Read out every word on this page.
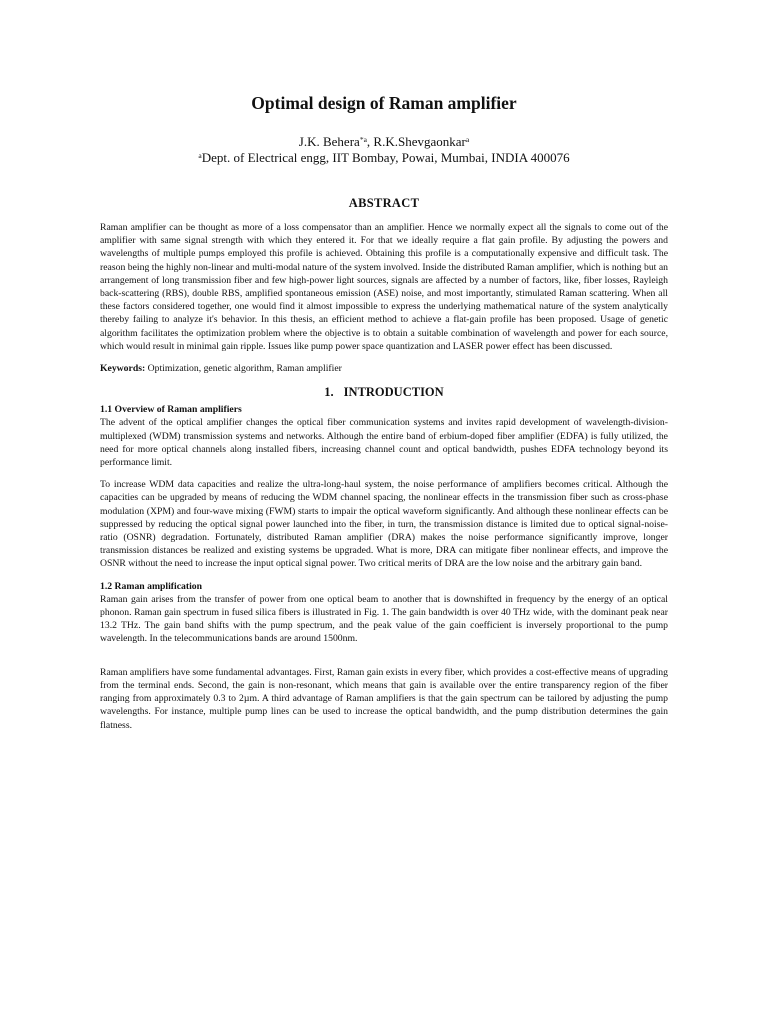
Optimal design of Raman amplifier
J.K. Behera$^{*a}$, R.K.Shevgaonkar$^a$
$^a$Dept. of Electrical engg, IIT Bombay, Powai, Mumbai, INDIA 400076
ABSTRACT

Raman amplifier can be thought as more of a loss compensator than an amplifier. Hence we normally expect all the signals to come out of the amplifier with same signal strength with which they entered it. For that we ideally require a flat gain profile. By adjusting the powers and wavelengths of multiple pumps employed this profile is achieved. Obtaining this profile is a computationally expensive and difficult task. The reason being the highly non-linear and multi-modal nature of the system involved. Inside the distributed Raman amplifier, which is nothing but an arrangement of long transmission fiber and few high-power light sources, signals are affected by a number of factors, like, fiber losses, Rayleigh back-scattering (RBS), double RBS, amplified spontaneous emission (ASE) noise, and most importantly, stimulated Raman scattering. When all these factors considered together, one would find it almost impossible to express the underlying mathematical nature of the system analytically thereby failing to analyze it's behavior. In this thesis, an efficient method to achieve a flat-gain profile has been proposed. Usage of genetic algorithm facilitates the optimization problem where the objective is to obtain a suitable combination of wavelength and power for each source, which would result in minimal gain ripple. Issues like pump power space quantization and LASER power effect has been discussed.

Keywords: Optimization, genetic algorithm, Raman amplifier

1. INTRODUCTION
1.1 Overview of Raman amplifiers

The advent of the optical amplifier changes the optical fiber communication systems and invites rapid development of wavelength-division-multiplexed (WDM) transmission systems and networks. Although the entire band of erbium-doped fiber amplifier (EDFA) is fully utilized, the need for more optical channels along installed fibers, increasing channel count and optical bandwidth, pushes EDFA technology beyond its performance limit.

To increase WDM data capacities and realize the ultra-long-haul system, the noise performance of amplifiers becomes critical. Although the capacities can be upgraded by means of reducing the WDM channel spacing, the nonlinear effects in the transmission fiber such as cross-phase modulation (XPM) and four-wave mixing (FWM) starts to impair the optical waveform significantly. And although these nonlinear effects can be suppressed by reducing the optical signal power launched into the fiber, in turn, the transmission distance is limited due to optical signal-noise-ratio (OSNR) degradation. Fortunately, distributed Raman amplifier (DRA) makes the noise performance significantly improve, longer transmission distances be realized and existing systems be upgraded. What is more, DRA can mitigate fiber nonlinear effects, and improve the OSNR without the need to increase the input optical signal power. Two critical merits of DRA are the low noise and the arbitrary gain band.

1.2 Raman amplification

Raman gain arises from the transfer of power from one optical beam to another that is downshifted in frequency by the energy of an optical phonon. Raman gain spectrum in fused silica fibers is illustrated in Fig. 1. The gain bandwidth is over 40 THz wide, with the dominant peak near 13.2 THz. The gain band shifts with the pump spectrum, and the peak value of the gain coefficient is inversely proportional to the pump wavelength. In the telecommunications bands are around 1500nm.

Raman amplifiers have some fundamental advantages. First, Raman gain exists in every fiber, which provides a cost-effective means of upgrading from the terminal ends. Second, the gain is non-resonant, which means that gain is available over the entire transparency region of the fiber ranging from approximately 0.3 to 2µm. A third advantage of Raman amplifiers is that the gain spectrum can be tailored by adjusting the pump wavelengths. For instance, multiple pump lines can be used to increase the optical bandwidth, and the pump distribution determines the gain flatness.
